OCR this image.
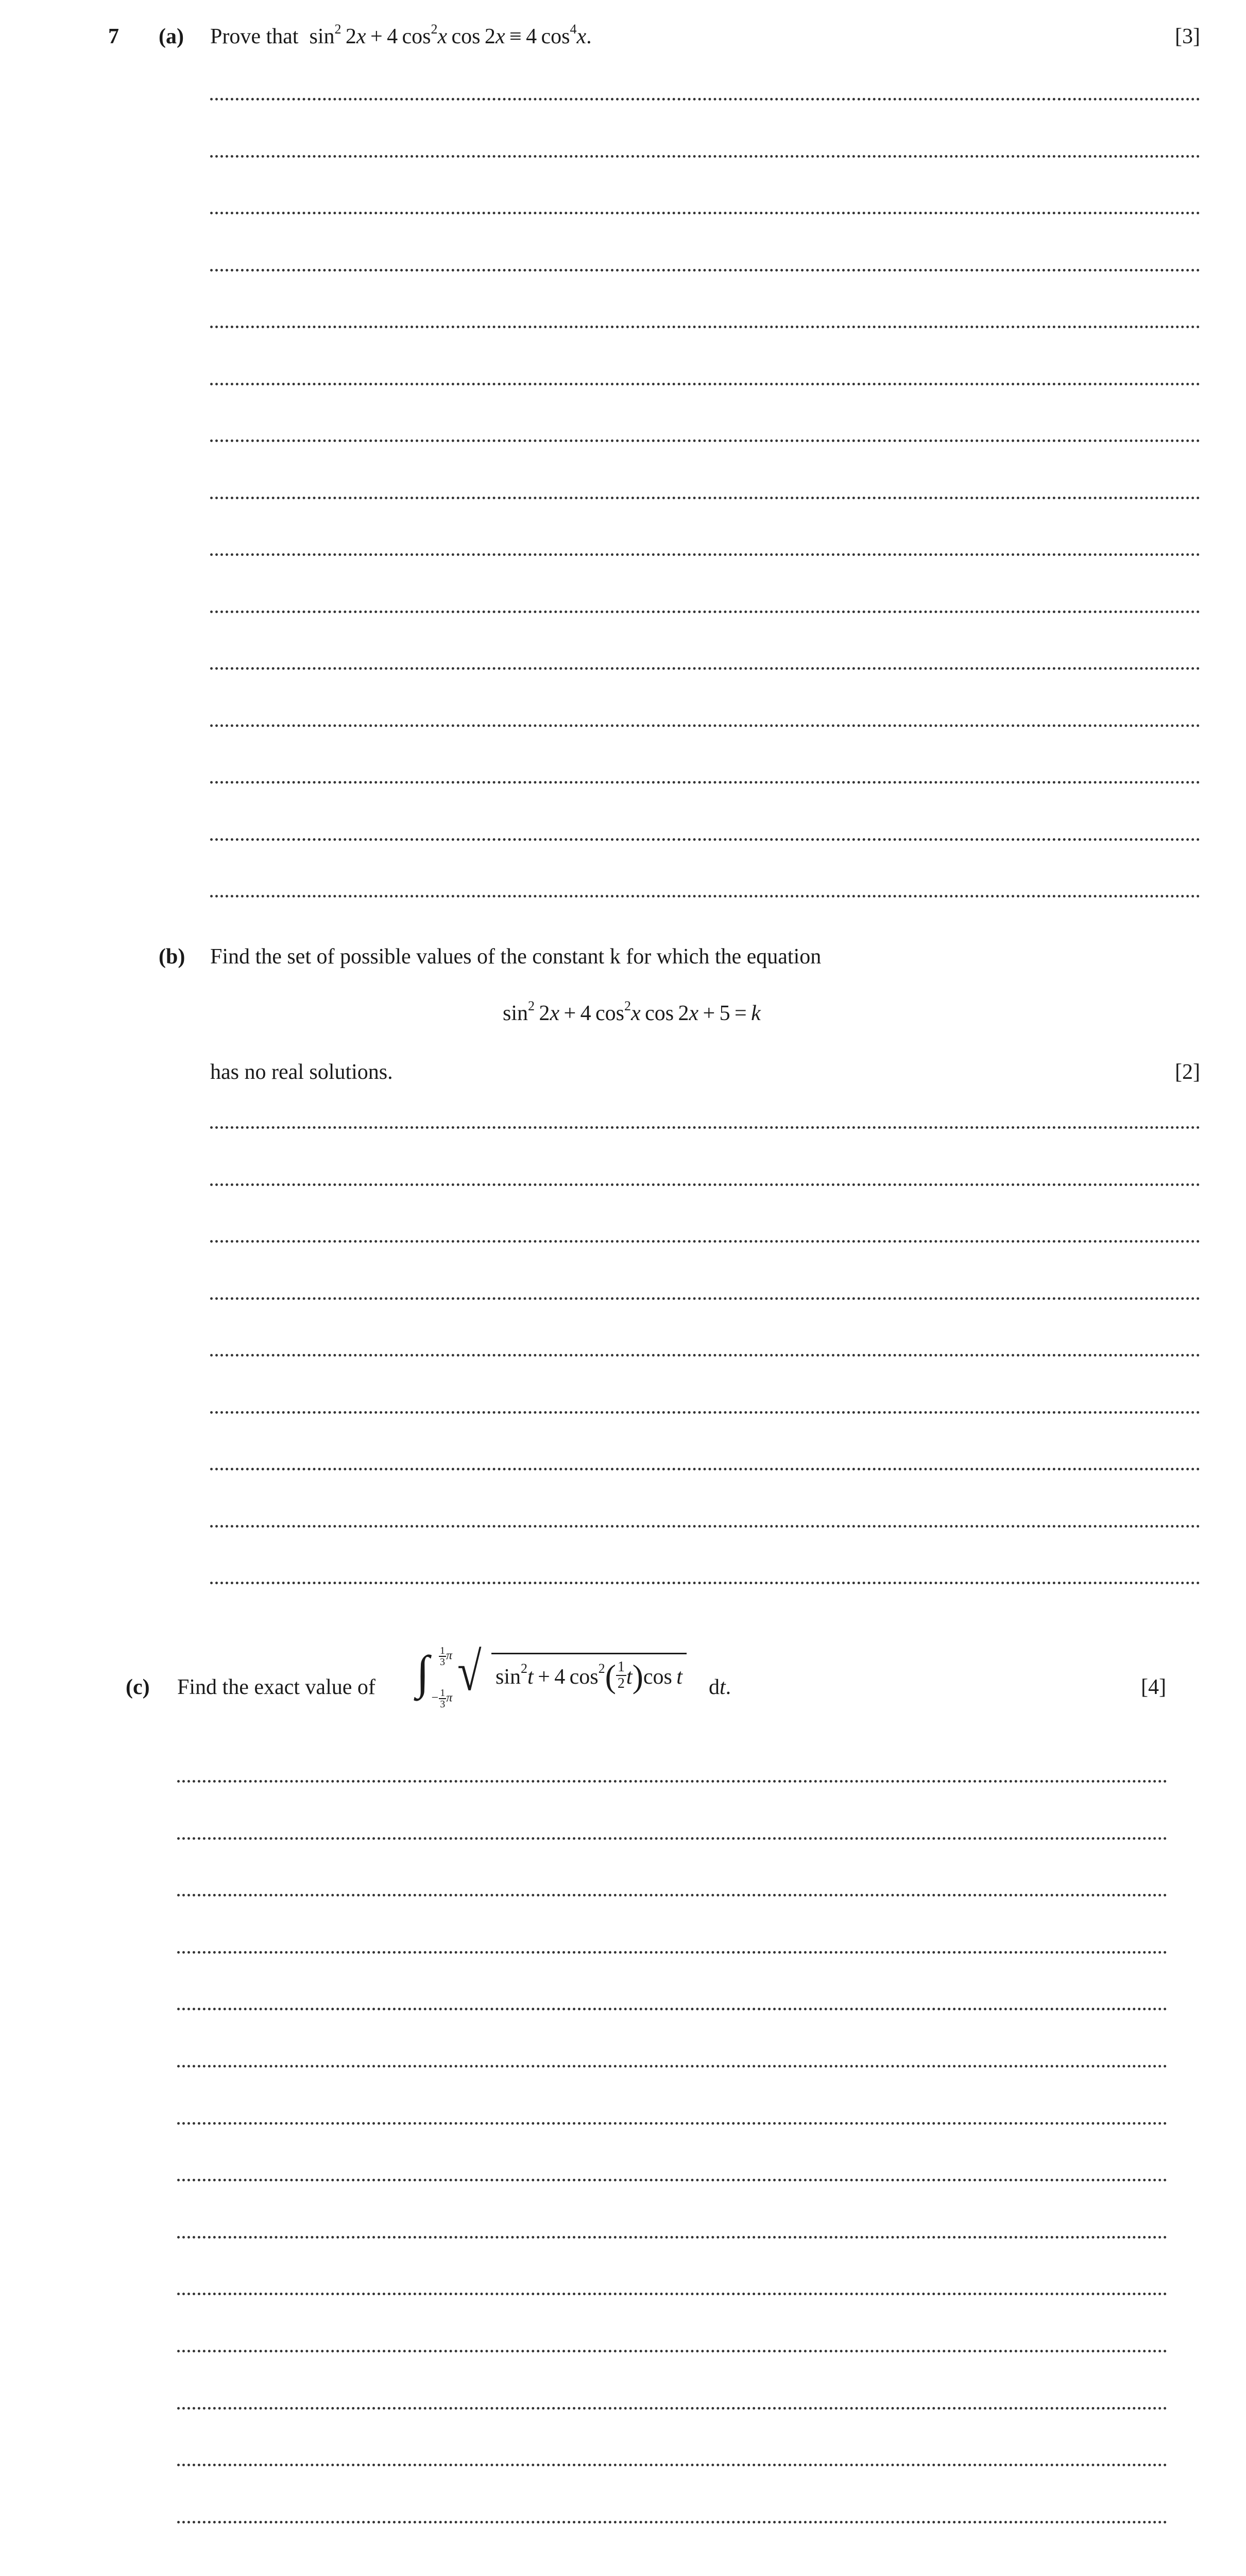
7 (a) Prove that  $\sin^2 2x + 4$ $\cos^2x$ cos 2x ≡ 4 $\cos^4x$.	[3]
(b) Find the set of possible values of the constant k for which the equation
$\sin^2 2x + 4$ $\cos^2x$ cos 2x + 5 = k
has no real solutions.	[2]
(c) Find the exact value of ∫ $\frac{1}{3}$ π
− $\frac{1}{3}$ π √ $\sin^2t + 4$ $\cos^2( \frac{1}{2} t)\cos$ t dt.	[4]
